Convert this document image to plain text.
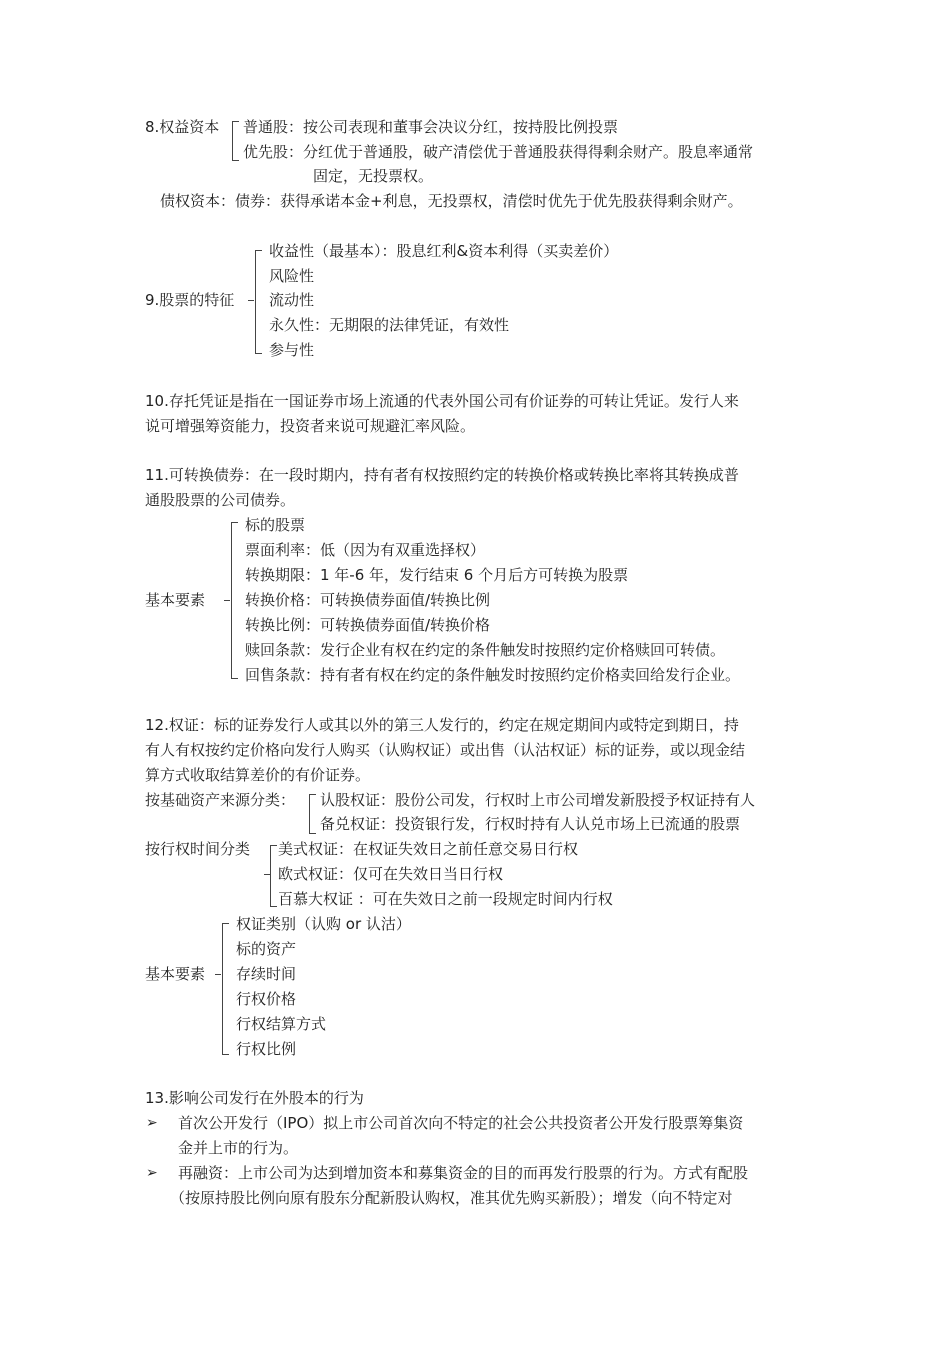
8.权益资本 普通股：按公司表现和董事会决议分红，按持股比例投票

优先股：分红优于普通股，破产清偿优于普通股获得得剩余财产。股息率通常

固定，无投票权。

债权资本：债券：获得承诺本金+利息，无投票权，清偿时优先于优先股获得剩余财产。

9.股票的特征

收益性（最基本）：股息红利&资本利得（买卖差价）

风险性

流动性

永久性：无期限的法律凭证，有效性

参与性

10.存托凭证是指在一国证券市场上流通的代表外国公司有价证券的可转让凭证。发行人来

说可增强筹资能力，投资者来说可规避汇率风险。

11.可转换债券：在一段时期内，持有者有权按照约定的转换价格或转换比率将其转换成普

通股股票的公司债券。

基本要素

标的股票

票面利率：低（因为有双重选择权）

转换期限：1 年-6 年，发行结束 6 个月后方可转换为股票

转换价格：可转换债券面值/转换比例

转换比例：可转换债券面值/转换价格

赎回条款：发行企业有权在约定的条件触发时按照约定价格赎回可转债。

回售条款：持有者有权在约定的条件触发时按照约定价格卖回给发行企业。

12.权证：标的证券发行人或其以外的第三人发行的，约定在规定期间内或特定到期日，持

有人有权按约定价格向发行人购买（认购权证）或出售（认沽权证）标的证券，或以现金结

算方式收取结算差价的有价证券。

按基础资产来源分类： 认股权证：股份公司发，行权时上市公司增发新股授予权证持有人

备兑权证：投资银行发，行权时持有人认兑市场上已流通的股票

按行权时间分类 美式权证：在权证失效日之前任意交易日行权

欧式权证：仅可在失效日当日行权

百慕大权证 ：可在失效日之前一段规定时间内行权

基本要素

权证类别（认购 or 认沽）

标的资产

存续时间

行权价格

行权结算方式

行权比例

13.影响公司发行在外股本的行为

➢ 首次公开发行（IPO）拟上市公司首次向不特定的社会公共投资者公开发行股票筹集资

金并上市的行为。

➢ 再融资：上市公司为达到增加资本和募集资金的目的而再发行股票的行为。方式有配股

（按原持股比例向原有股东分配新股认购权，准其优先购买新股）；增发（向不特定对
